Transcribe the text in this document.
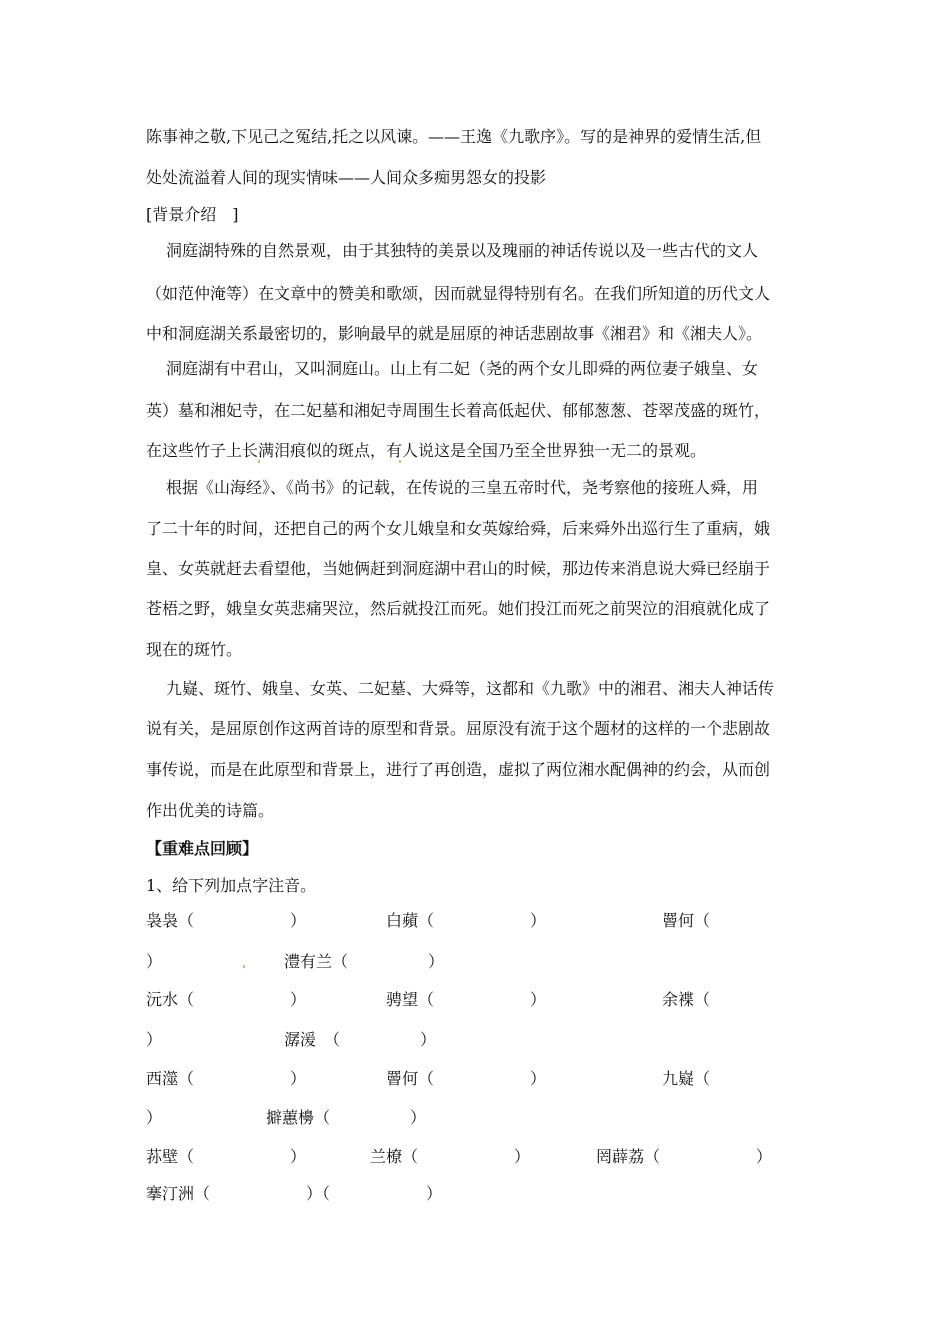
陈事神之敬,下见己之冤结,托之以风谏。——王逸《九歌序》。写的是神界的爱情生活,但
处处流溢着人间的现实情味——人间众多痴男怨女的投影
[背景介绍　]
洞庭湖特殊的自然景观，由于其独特的美景以及瑰丽的神话传说以及一些古代的文人
（如范仲淹等）在文章中的赞美和歌颂，因而就显得特别有名。在我们所知道的历代文人
中和洞庭湖关系最密切的，影响最早的就是屈原的神话悲剧故事《湘君》和《湘夫人》。
洞庭湖有中君山，又叫洞庭山。山上有二妃（尧的两个女儿即舜的两位妻子娥皇、女
英）墓和湘妃寺，在二妃墓和湘妃寺周围生长着高低起伏、郁郁葱葱、苍翠茂盛的斑竹，
在这些竹子上长满泪痕似的斑点，有人说这是全国乃至全世界独一无二的景观。
根据《山海经》、《尚书》的记载，在传说的三皇五帝时代，尧考察他的接班人舜，用
了二十年的时间，还把自己的两个女儿娥皇和女英嫁给舜，后来舜外出巡行生了重病，娥
皇、女英就赶去看望他，当她俩赶到洞庭湖中君山的时候，那边传来消息说大舜已经崩于
苍梧之野，娥皇女英悲痛哭泣，然后就投江而死。她们投江而死之前哭泣的泪痕就化成了
现在的斑竹。
九嶷、斑竹、娥皇、女英、二妃墓、大舜等，这都和《九歌》中的湘君、湘夫人神话传
说有关，是屈原创作这两首诗的原型和背景。屈原没有流于这个题材的这样的一个悲剧故
事传说，而是在此原型和背景上，进行了再创造，虚拟了两位湘水配偶神的约会，从而创
作出优美的诗篇。
【重难点回顾】
1、给下列加点字注音。
袅袅（　　　　　　）	白蘋（　　　　　　）	罾何（
）	澧有兰（　　　　　）
沅水（　　　　　　）	骋望（　　　　　　）	余褋（
）	潺湲　（　　　　　）
西澨（　　　　　　）	罾何（　　　　　　）	九嶷（
）	擗蕙櫋（　　　　　）
荪壁（　　　　　　）	兰橑（　　　　　　）	罔薜荔（　　　　　　）
搴汀洲（　　　　　　）（　　　　　　）
